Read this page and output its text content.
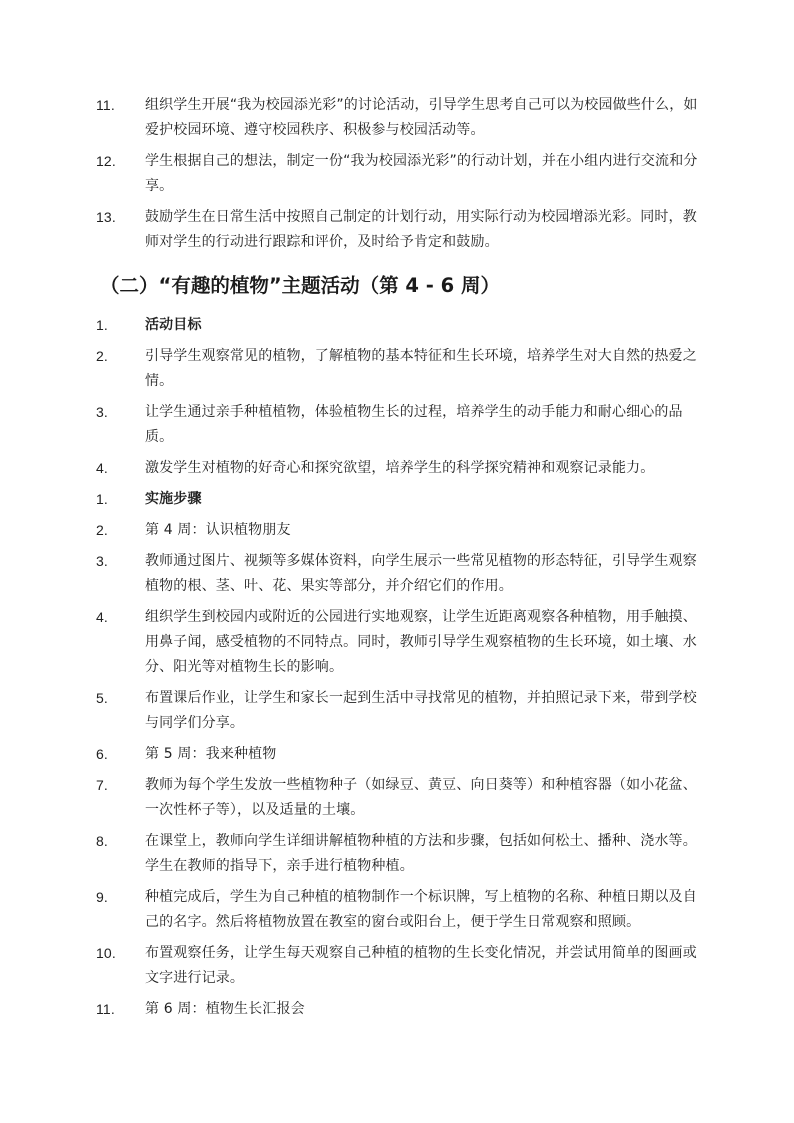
11.	组织学生开展“我为校园添光彩”的讨论活动，引导学生思考自己可以为校园做些什么，如爱护校园环境、遵守校园秩序、积极参与校园活动等。
12.	学生根据自己的想法，制定一份“我为校园添光彩”的行动计划，并在小组内进行交流和分享。
13.	鼓励学生在日常生活中按照自己制定的计划行动，用实际行动为校园增添光彩。同时，教师对学生的行动进行跟踪和评价，及时给予肯定和鼓励。
（二）“有趣的植物”主题活动（第 4 - 6 周）
1.	活动目标
2.	引导学生观察常见的植物，了解植物的基本特征和生长环境，培养学生对大自然的热爱之情。
3.	让学生通过亲手种植植物，体验植物生长的过程，培养学生的动手能力和耐心细心的品质。
4.	激发学生对植物的好奇心和探究欲望，培养学生的科学探究精神和观察记录能力。
1.	实施步骤
2.	第 4 周：认识植物朋友
3.	教师通过图片、视频等多媒体资料，向学生展示一些常见植物的形态特征，引导学生观察植物的根、茎、叶、花、果实等部分，并介绍它们的作用。
4.	组织学生到校园内或附近的公园进行实地观察，让学生近距离观察各种植物，用手触摸、用鼻子闻，感受植物的不同特点。同时，教师引导学生观察植物的生长环境，如土壤、水分、阳光等对植物生长的影响。
5.	布置课后作业，让学生和家长一起到生活中寻找常见的植物，并拍照记录下来，带到学校与同学们分享。
6.	第 5 周：我来种植物
7.	教师为每个学生发放一些植物种子（如绿豆、黄豆、向日葵等）和种植容器（如小花盆、一次性杯子等），以及适量的土壤。
8.	在课堂上，教师向学生详细讲解植物种植的方法和步骤，包括如何松土、播种、浇水等。学生在教师的指导下，亲手进行植物种植。
9.	种植完成后，学生为自己种植的植物制作一个标识牌，写上植物的名称、种植日期以及自己的名字。然后将植物放置在教室的窗台或阳台上，便于学生日常观察和照顾。
10.	布置观察任务，让学生每天观察自己种植的植物的生长变化情况，并尝试用简单的图画或文字进行记录。
11.	第 6 周：植物生长汇报会
